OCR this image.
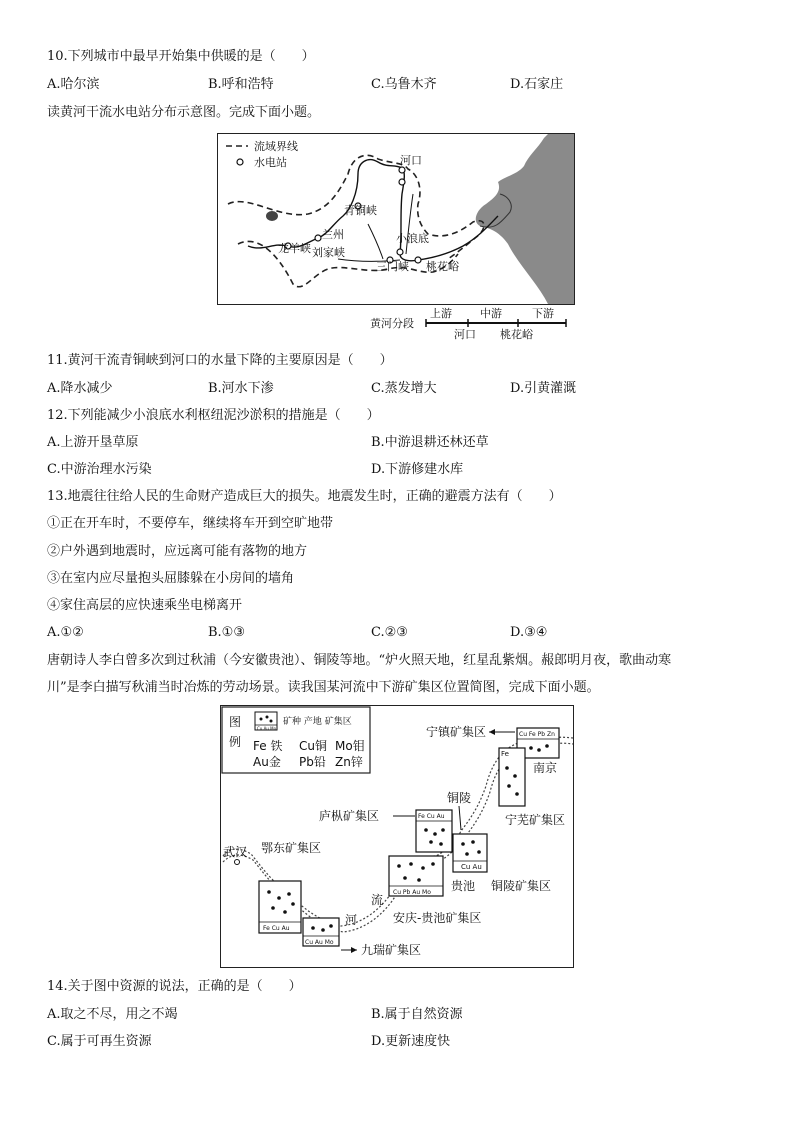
10.下列城市中最早开始集中供暖的是（　　）
A.哈尔滨	B.呼和浩特	C.乌鲁木齐	D.石家庄
读黄河干流水电站分布示意图。完成下面小题。
流域界线
水电站	河口
青铜峡
兰州
龙羊峡 刘家峡
小浪底
三门峡 桃花峪
黄河分段
上游	中游	下游
河口 桃花峪
11.黄河干流青铜峡到河口的水量下降的主要原因是（　　）
A.降水减少	B.河水下渗	C.蒸发增大	D.引黄灌溉
12.下列能减少小浪底水利枢纽泥沙淤积的措施是（　　）
A.上游开垦草原	B.中游退耕还林还草
C.中游治理水污染	D.下游修建水库
13.地震往往给人民的生命财产造成巨大的损失。地震发生时，正确的避震方法有（　　）
①正在开车时，不要停车，继续将车开到空旷地带
②户外遇到地震时，应远离可能有落物的地方
③在室内应尽量抱头屈膝躲在小房间的墙角
④家住高层的应快速乘坐电梯离开
A.①②	B.①③	C.②③	D.③④
唐朝诗人李白曾多次到过秋浦（今安徽贵池）、铜陵等地。“炉火照天地，红星乱紫烟。赧郎明月夜，歌曲动寒
川”是李白描写秋浦当时冶炼的劳动场景。读我国某河流中下游矿集区位置简图，完成下面小题。
图
例
Cu Au Mo
矿种 产地 矿集区
Fe 铁 Cu铜 Mo钼
Au金 Pb铅 Zn锌
Cu Fe Pb Zn
宁镇矿集区
南京
Fe
宁芜矿集区
铜陵
Fe Cu Au
庐枞矿集区
Cu Au
铜陵矿集区
Cu Pb Au Mo 贵池
安庆-贵池矿集区
流
河
武汉
Fe Cu Au
鄂东矿集区
Cu Au Mo
九瑞矿集区
14.关于图中资源的说法，正确的是（　　）
A.取之不尽，用之不竭	B.属于自然资源
C.属于可再生资源	D.更新速度快
